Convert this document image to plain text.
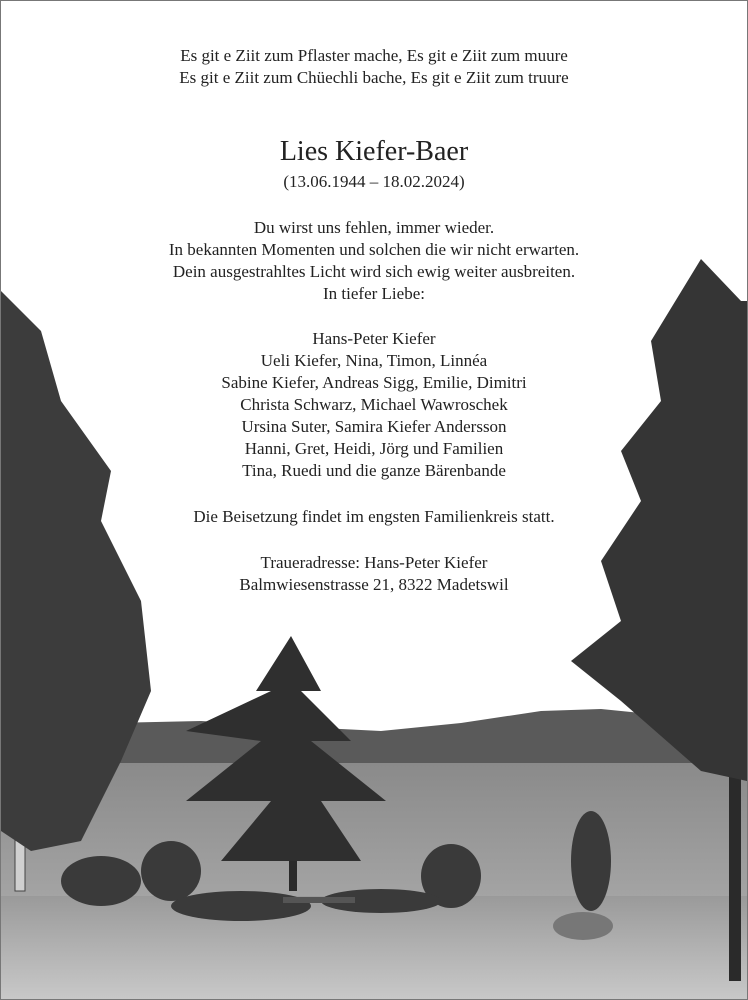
Es git e Ziit zum Pflaster mache, Es git e Ziit zum muure
Es git e Ziit zum Chüechli bache, Es git e Ziit zum truure
Lies Kiefer-Baer
(13.06.1944 – 18.02.2024)
Du wirst uns fehlen, immer wieder.
In bekannten Momenten und solchen die wir nicht erwarten.
Dein ausgestrahltes Licht wird sich ewig weiter ausbreiten.
In tiefer Liebe:
Hans-Peter Kiefer
Ueli Kiefer, Nina, Timon, Linnéa
Sabine Kiefer, Andreas Sigg, Emilie, Dimitri
Christa Schwarz, Michael Wawroschek
Ursina Suter, Samira Kiefer Andersson
Hanni, Gret, Heidi, Jörg und Familien
Tina, Ruedi und die ganze Bärenbande
Die Beisetzung findet im engsten Familienkreis statt.
Traueradresse: Hans-Peter Kiefer
Balmwiesenstrasse 21, 8322 Madetswil
